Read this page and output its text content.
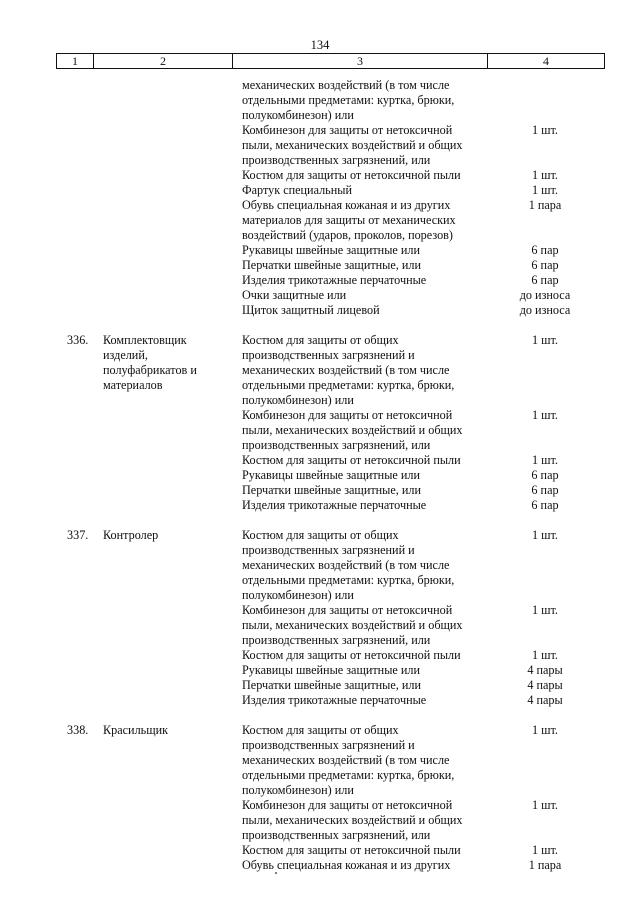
134
1	2	3	4
механических воздействий (в том числе
отдельными предметами: куртка, брюки,
полукомбинезон) или
Комбинезон для защиты от нетоксичной	1 шт.
пыли, механических воздействий и общих
производственных загрязнений, или
Костюм для защиты от нетоксичной пыли	1 шт.
Фартук специальный	1 шт.
Обувь специальная кожаная и из других	1 пара
материалов для защиты от механических
воздействий (ударов, проколов, порезов)
Рукавицы швейные защитные или	6 пар
Перчатки швейные защитные, или	6 пар
Изделия трикотажные перчаточные	6 пар
Очки защитные или	до износа
Щиток защитный лицевой	до износа
336. Комплектовщик	Костюм для защиты от общих	1 шт.
изделий,	производственных загрязнений и
полуфабрикатов и	механических воздействий (в том числе
материалов	отдельными предметами: куртка, брюки,
полукомбинезон) или
Комбинезон для защиты от нетоксичной	1 шт.
пыли, механических воздействий и общих
производственных загрязнений, или
Костюм для защиты от нетоксичной пыли	1 шт.
Рукавицы швейные защитные или	6 пар
Перчатки швейные защитные, или	6 пар
Изделия трикотажные перчаточные	6 пар
337. Контролер	Костюм для защиты от общих	1 шт.
производственных загрязнений и
механических воздействий (в том числе
отдельными предметами: куртка, брюки,
полукомбинезон) или
Комбинезон для защиты от нетоксичной	1 шт.
пыли, механических воздействий и общих
производственных загрязнений, или
Костюм для защиты от нетоксичной пыли	1 шт.
Рукавицы швейные защитные или	4 пары
Перчатки швейные защитные, или	4 пары
Изделия трикотажные перчаточные	4 пары
338. Красильщик	Костюм для защиты от общих	1 шт.
производственных загрязнений и
механических воздействий (в том числе
отдельными предметами: куртка, брюки,
полукомбинезон) или
Комбинезон для защиты от нетоксичной	1 шт.
пыли, механических воздействий и общих
производственных загрязнений, или
Костюм для защиты от нетоксичной пыли	1 шт.
Обувь специальная кожаная и из других	1 пара
